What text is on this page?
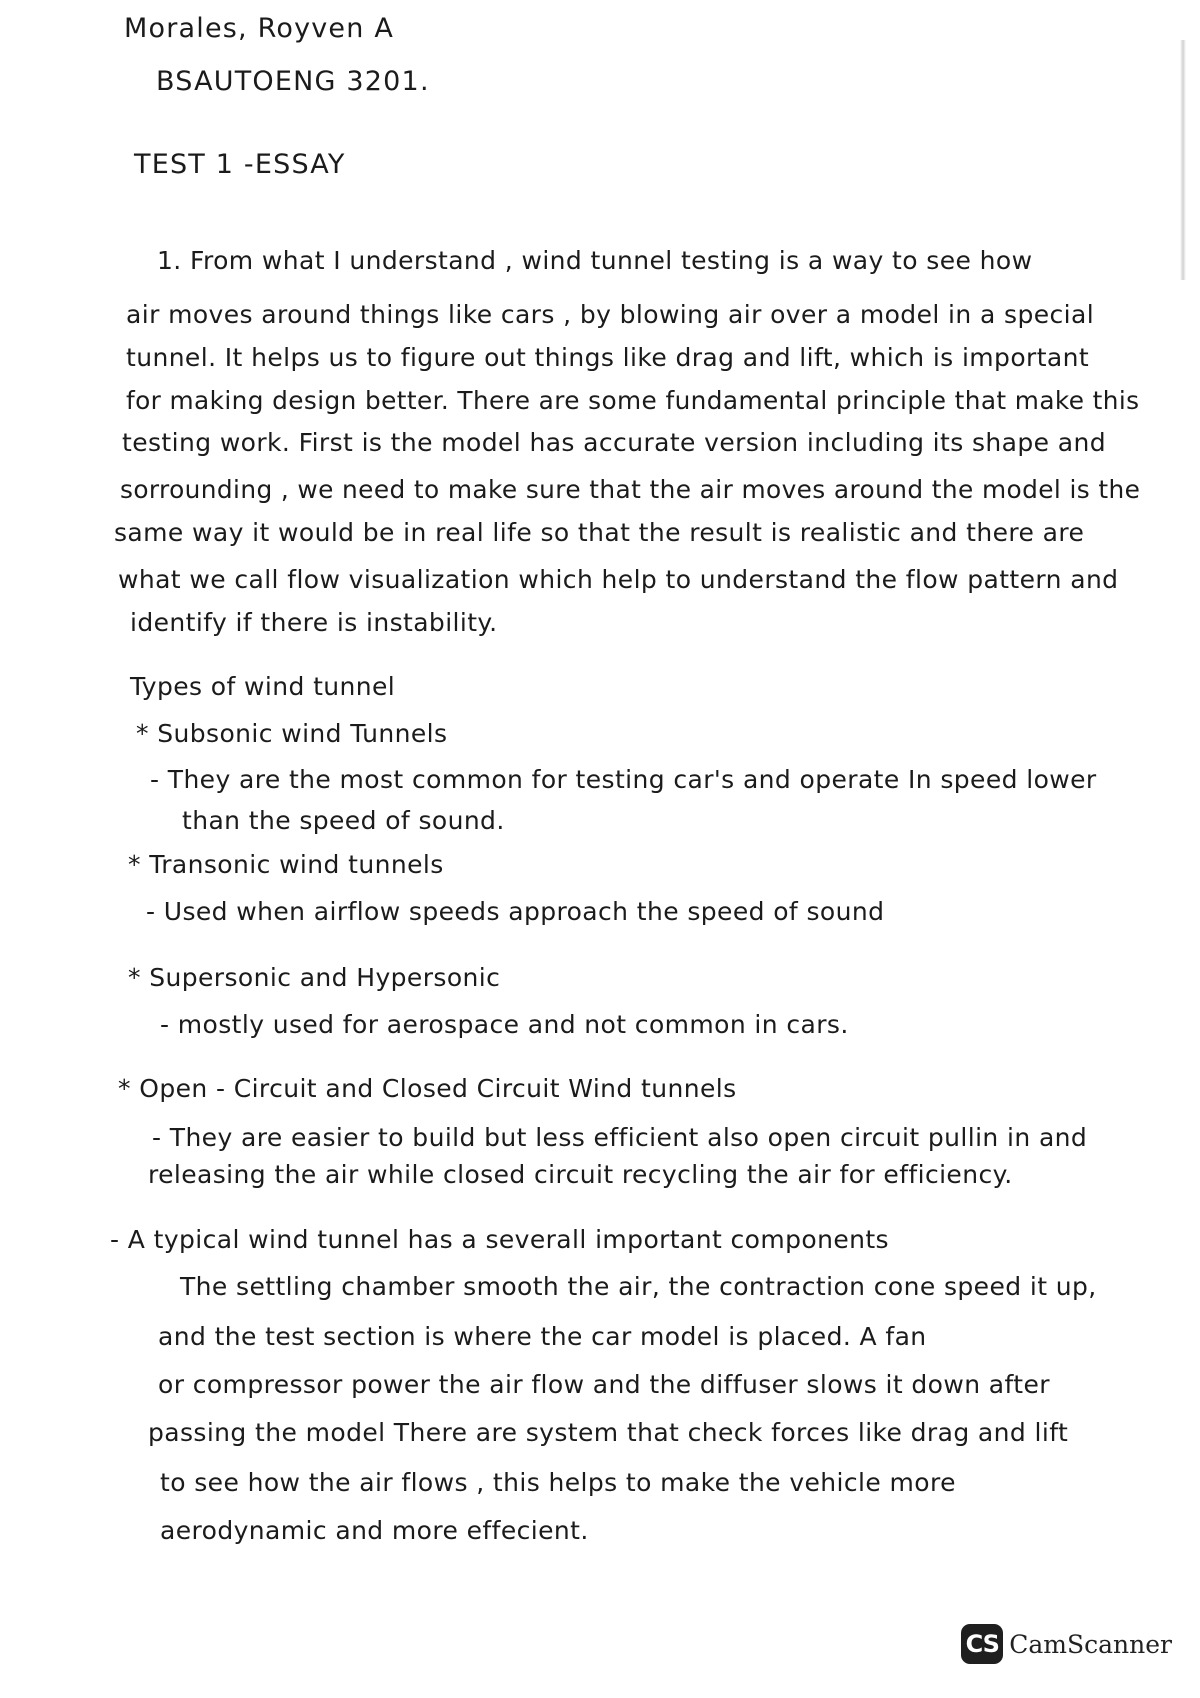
Morales, Royven A
BSAUTOENG 3201.
TEST 1 -ESSAY
1. From what I understand , wind tunnel testing is a way to see how
air moves around things like cars , by blowing air over a model in a special
tunnel. It helps us to figure out things like drag and lift, which is important
for making design better. There are some fundamental principle that make this
testing work. First is the model has accurate version including its shape and
sorrounding , we need to make sure that the air moves around the model is the
same way it would be in real life so that the result is realistic and there are
what we call flow visualization which help to understand the flow pattern and
identify if there is instability.
Types of wind tunnel
* Subsonic wind Tunnels
- They are the most common for testing car's and operate In speed lower
than the speed of sound.
* Transonic wind tunnels
- Used when airflow speeds approach the speed of sound
* Supersonic and Hypersonic
- mostly used for aerospace and not common in cars.
* Open - Circuit and Closed Circuit Wind tunnels
- They are easier to build but less efficient also open circuit pullin in and
releasing the air while closed circuit recycling the air for efficiency.
- A typical wind tunnel has a severall important components
The settling chamber smooth the air, the contraction cone speed it up,
and the test section is where the car model is placed. A fan
or compressor power the air flow and the diffuser slows it down after
passing the model There are system that check forces like drag and lift
to see how the air flows , this helps to make the vehicle more
aerodynamic and more effecient.
CS CamScanner
